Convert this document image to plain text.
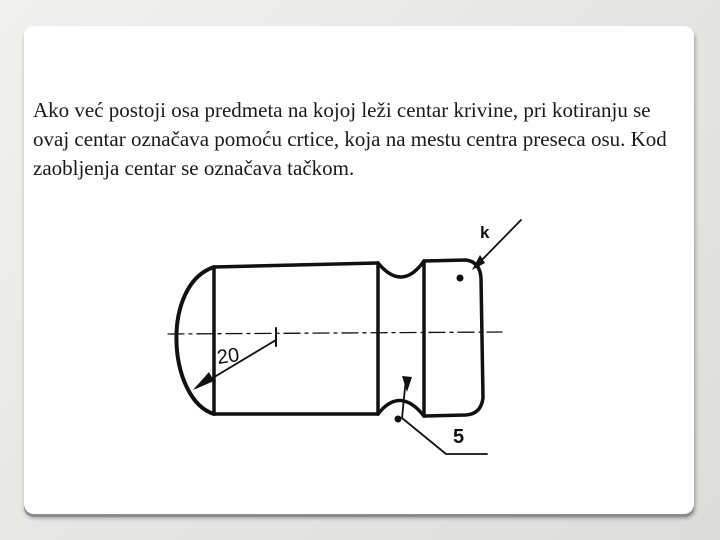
Ako već postoji osa predmeta na kojoj leži centar krivine, pri kotiranju se ovaj centar označava pomoću crtice, koja na mestu centra preseca osu. Kod zaobljenja centar se označava tačkom.

20
k
5
